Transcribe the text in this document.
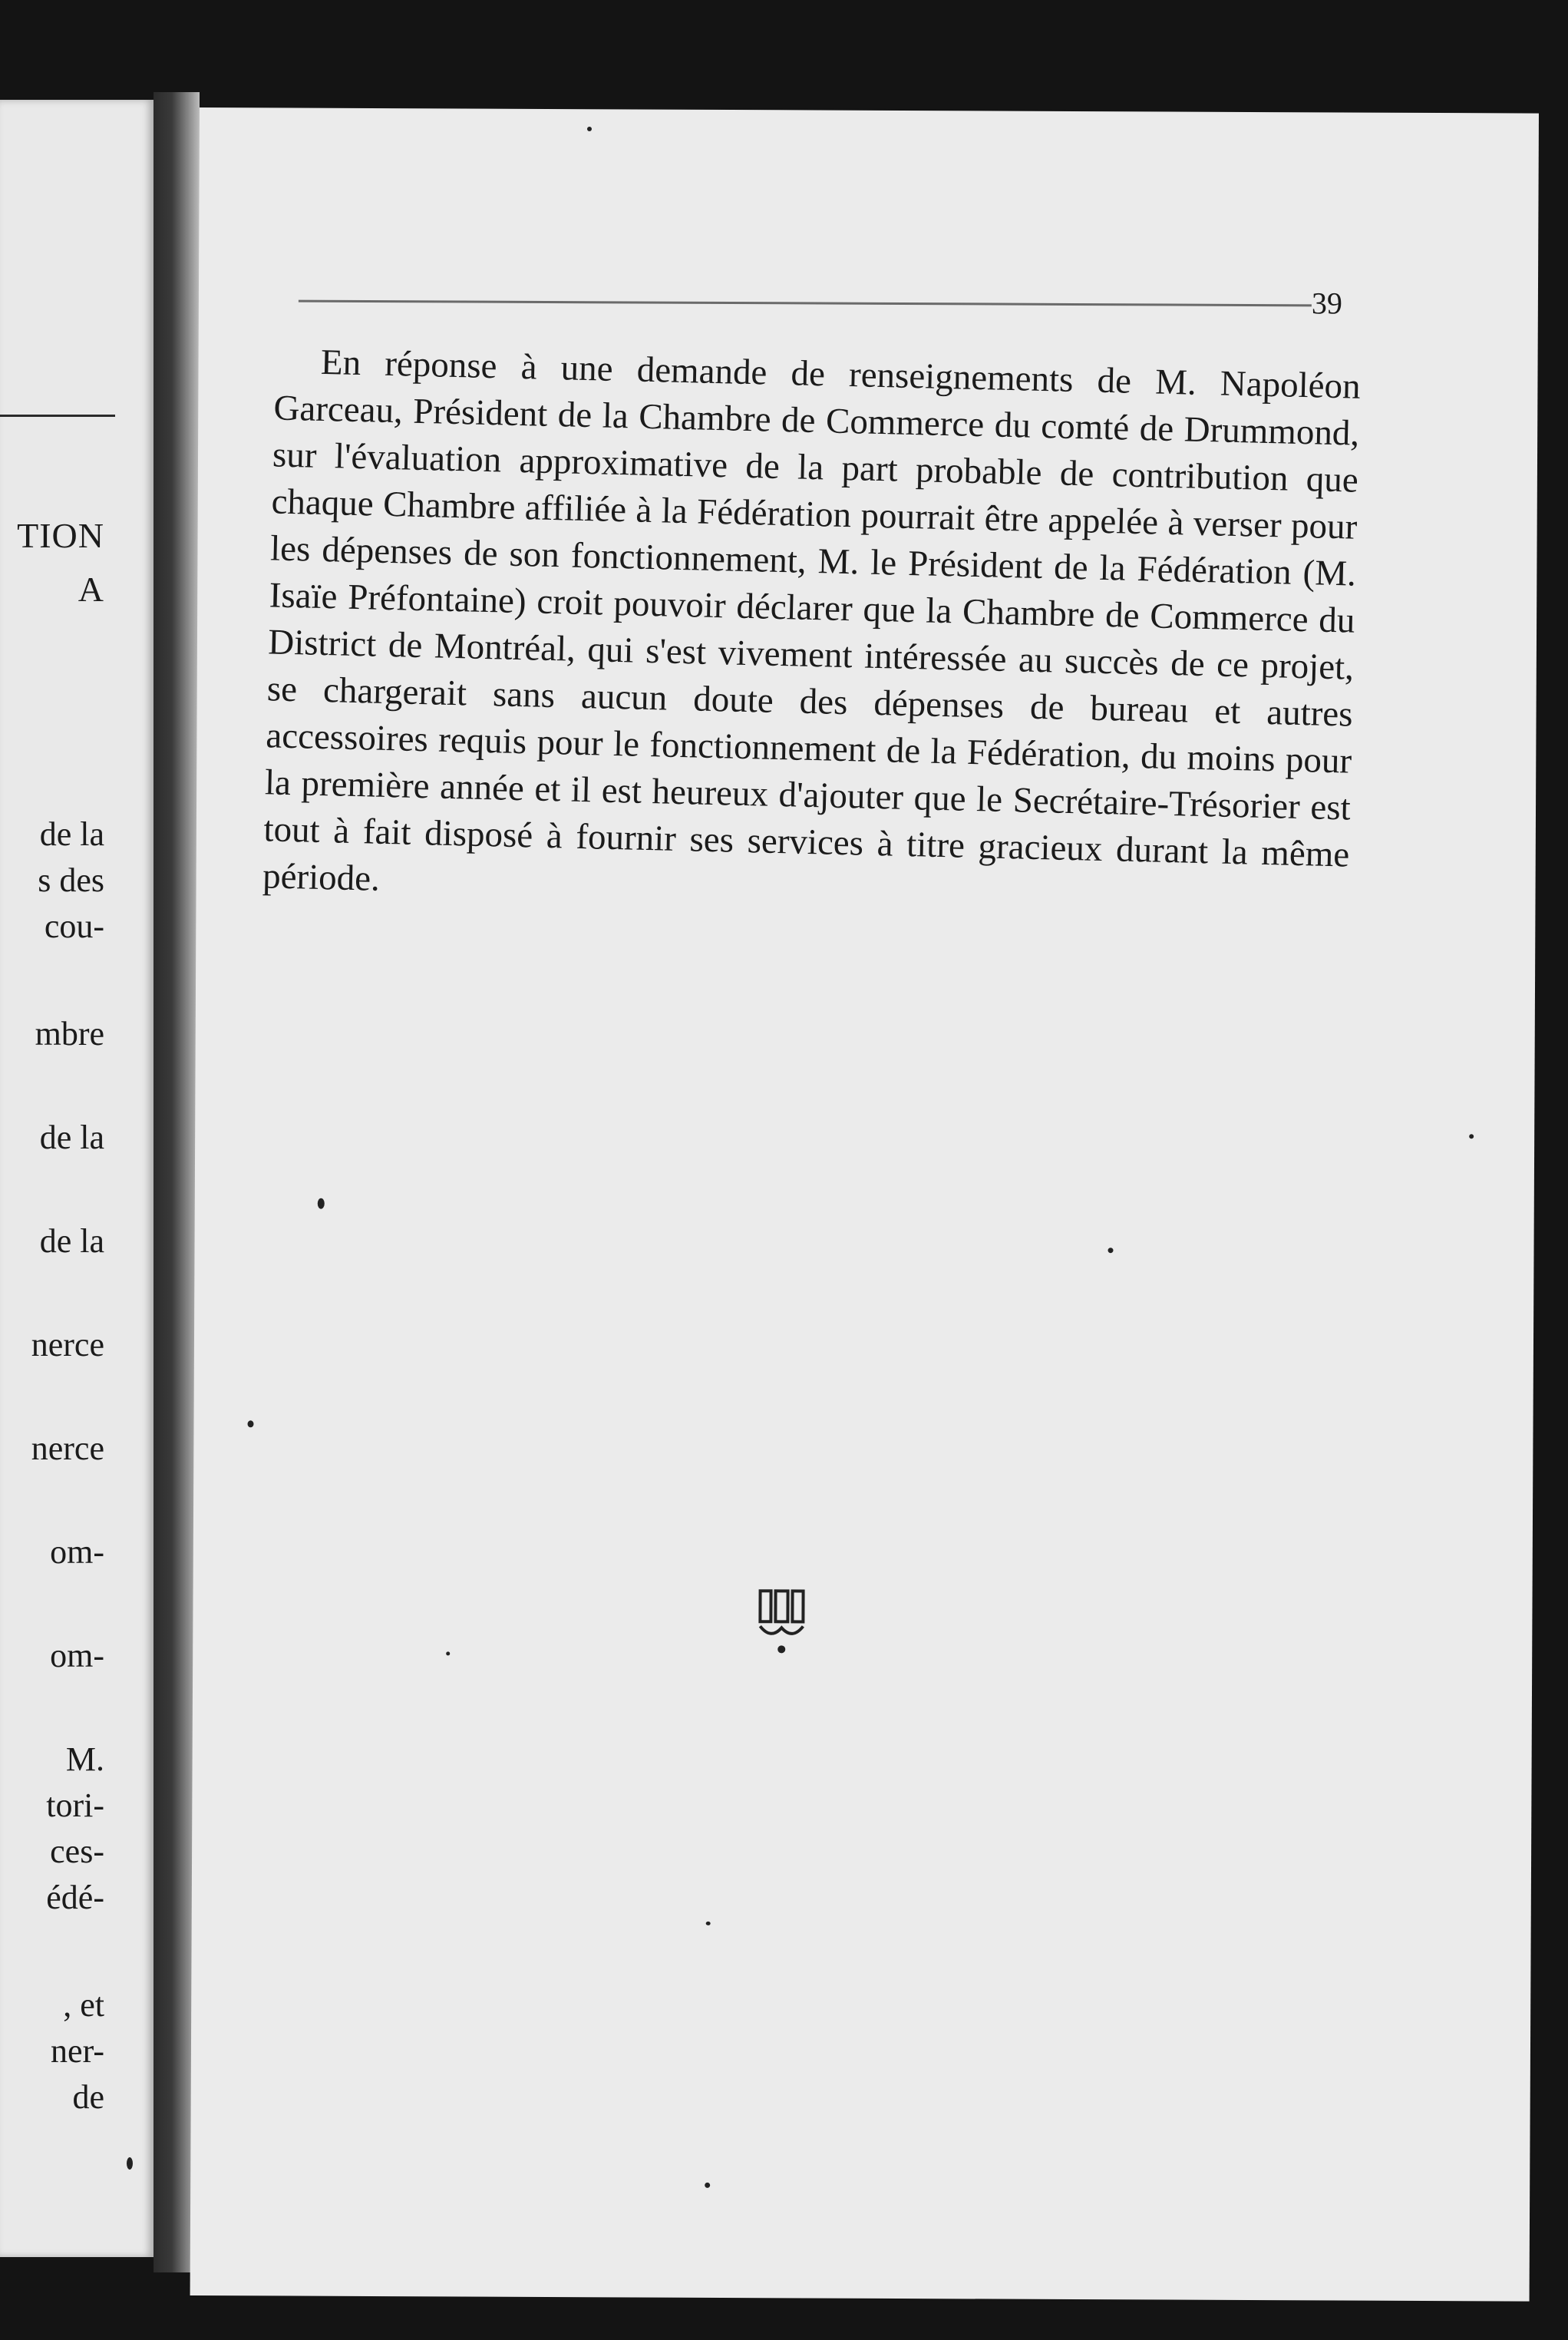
TION

A

de la

s des

cou-

mbre

de la

de la

nerce

nerce

om-

om-

M.

tori-

ces-

édé-

, et

ner-

de

39

En réponse à une demande de renseignements de M. Napoléon Garceau, Président de la Chambre de Commerce du comté de Drummond, sur l'évaluation approximative de la part probable de contribution que chaque Chambre affiliée à la Fédération pourrait être appelée à verser pour les dépenses de son fonctionnement, M. le Président de la Fédération (M. Isaïe Préfontaine) croit pouvoir déclarer que la Chambre de Commerce du District de Montréal, qui s'est vivement intéressée au succès de ce projet, se chargerait sans aucun doute des dépenses de bureau et autres accessoires requis pour le fonctionnement de la Fédération, du moins pour la première année et il est heureux d'ajouter que le Secrétaire-Trésorier est tout à fait disposé à fournir ses services à titre gracieux durant la même période.
